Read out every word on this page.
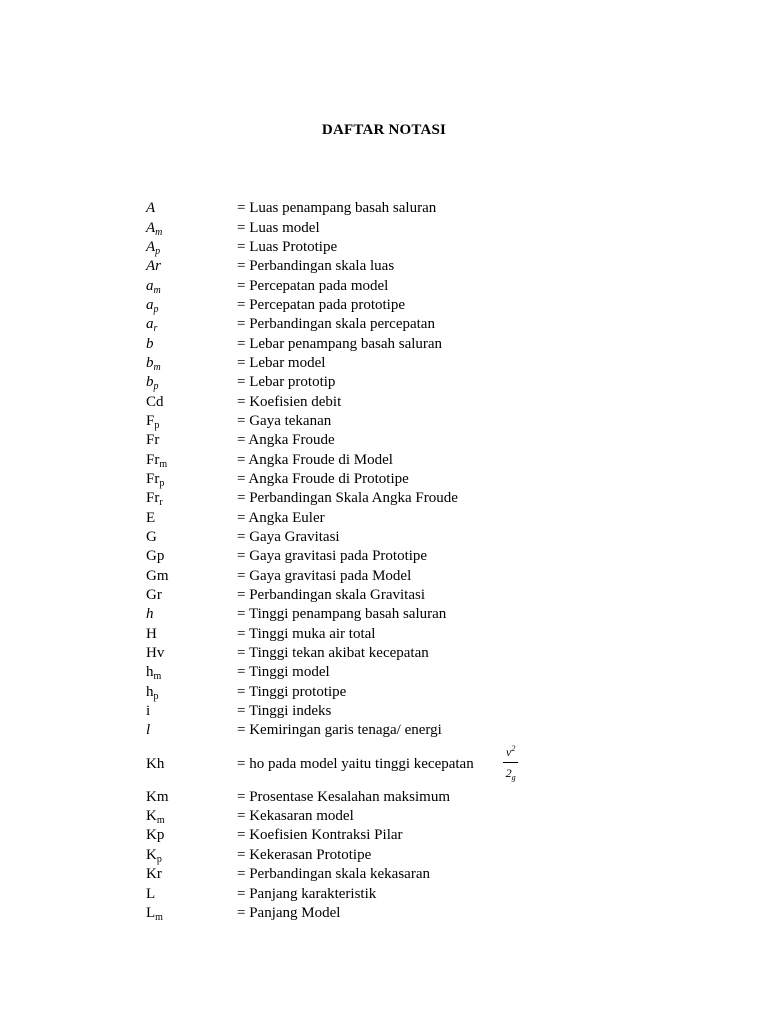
DAFTAR NOTASI
A	= Luas penampang basah saluran
$A_m$	= Luas model
$A_p$	= Luas Prototipe
Ar	= Perbandingan skala luas
$a_m$	= Percepatan pada model
$a_p$	= Percepatan pada prototipe
$a_r$	= Perbandingan skala percepatan
b	= Lebar penampang basah saluran
$b_m$	= Lebar model
$b_p$	= Lebar prototip
Cd	= Koefisien debit
$F_p$	= Gaya tekanan
Fr	= Angka Froude
$Fr_m$	= Angka Froude di Model
$Fr_p$	= Angka Froude di Prototipe
$Fr_r$	= Perbandingan Skala Angka Froude
E	= Angka Euler
G	= Gaya Gravitasi
Gp	= Gaya gravitasi pada Prototipe
Gm	= Gaya gravitasi pada Model
Gr	= Perbandingan skala Gravitasi
h	= Tinggi penampang basah saluran
H	= Tinggi muka air total
Hv	= Tinggi tekan akibat kecepatan
$h_m$	= Tinggi model
$h_p$	= Tinggi prototipe
i	= Tinggi indeks
l	= Kemiringan garis tenaga/ energi
Kh	= ho pada model yaitu tinggi kecepatan	$\frac{v^2}{2_g}$
Km	= Prosentase Kesalahan maksimum
$K_m$	= Kekasaran model
Kp	= Koefisien Kontraksi Pilar
$K_p$	= Kekerasan Prototipe
Kr	= Perbandingan skala kekasaran
L	= Panjang karakteristik
$L_m$	= Panjang Model
